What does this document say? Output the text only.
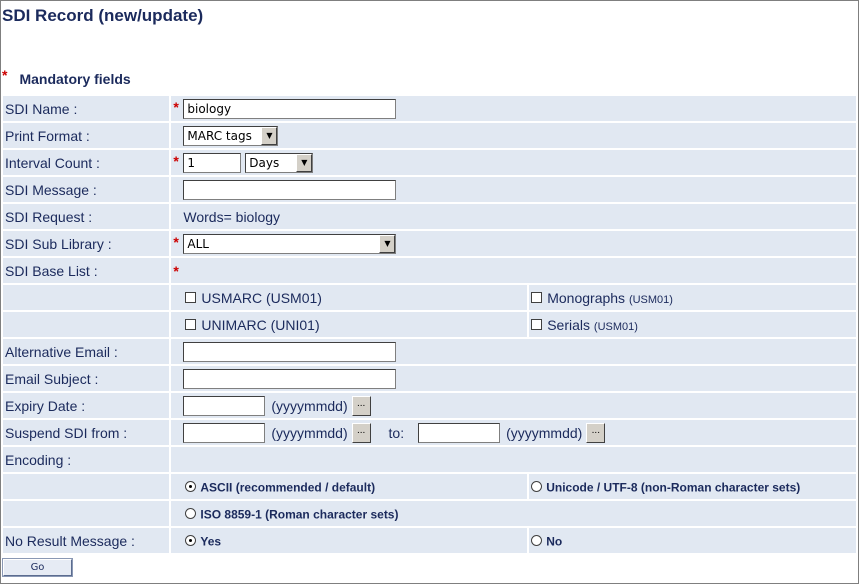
SDI Record (new/update)
* Mandatory fields
SDI Name :	*biology
Print Format :	MARC tags ▼	

Interval Count :	*1 Days ▼

SDI Message :	
SDI Request :	Words= biology	
SDI Sub Library :	* ALL ▼	

SDI Base List :	*	
	USMARC (USM01)	Monographs (USM01)
	UNIMARC (UNI01)	Serials (USM01)
Alternative Email :	
Email Subject :	
Expiry Date :	(yyyymmdd) ...	
Suspend SDI from :	(yyyymmdd) ... to: (yyyymmdd) ...	
Encoding :		
	ASCII (recommended / default)	Unicode / UTF-8 (non-Roman character sets)
	ISO 8859-1 (Roman character sets)	
No Result Message :	Yes	No
Go
